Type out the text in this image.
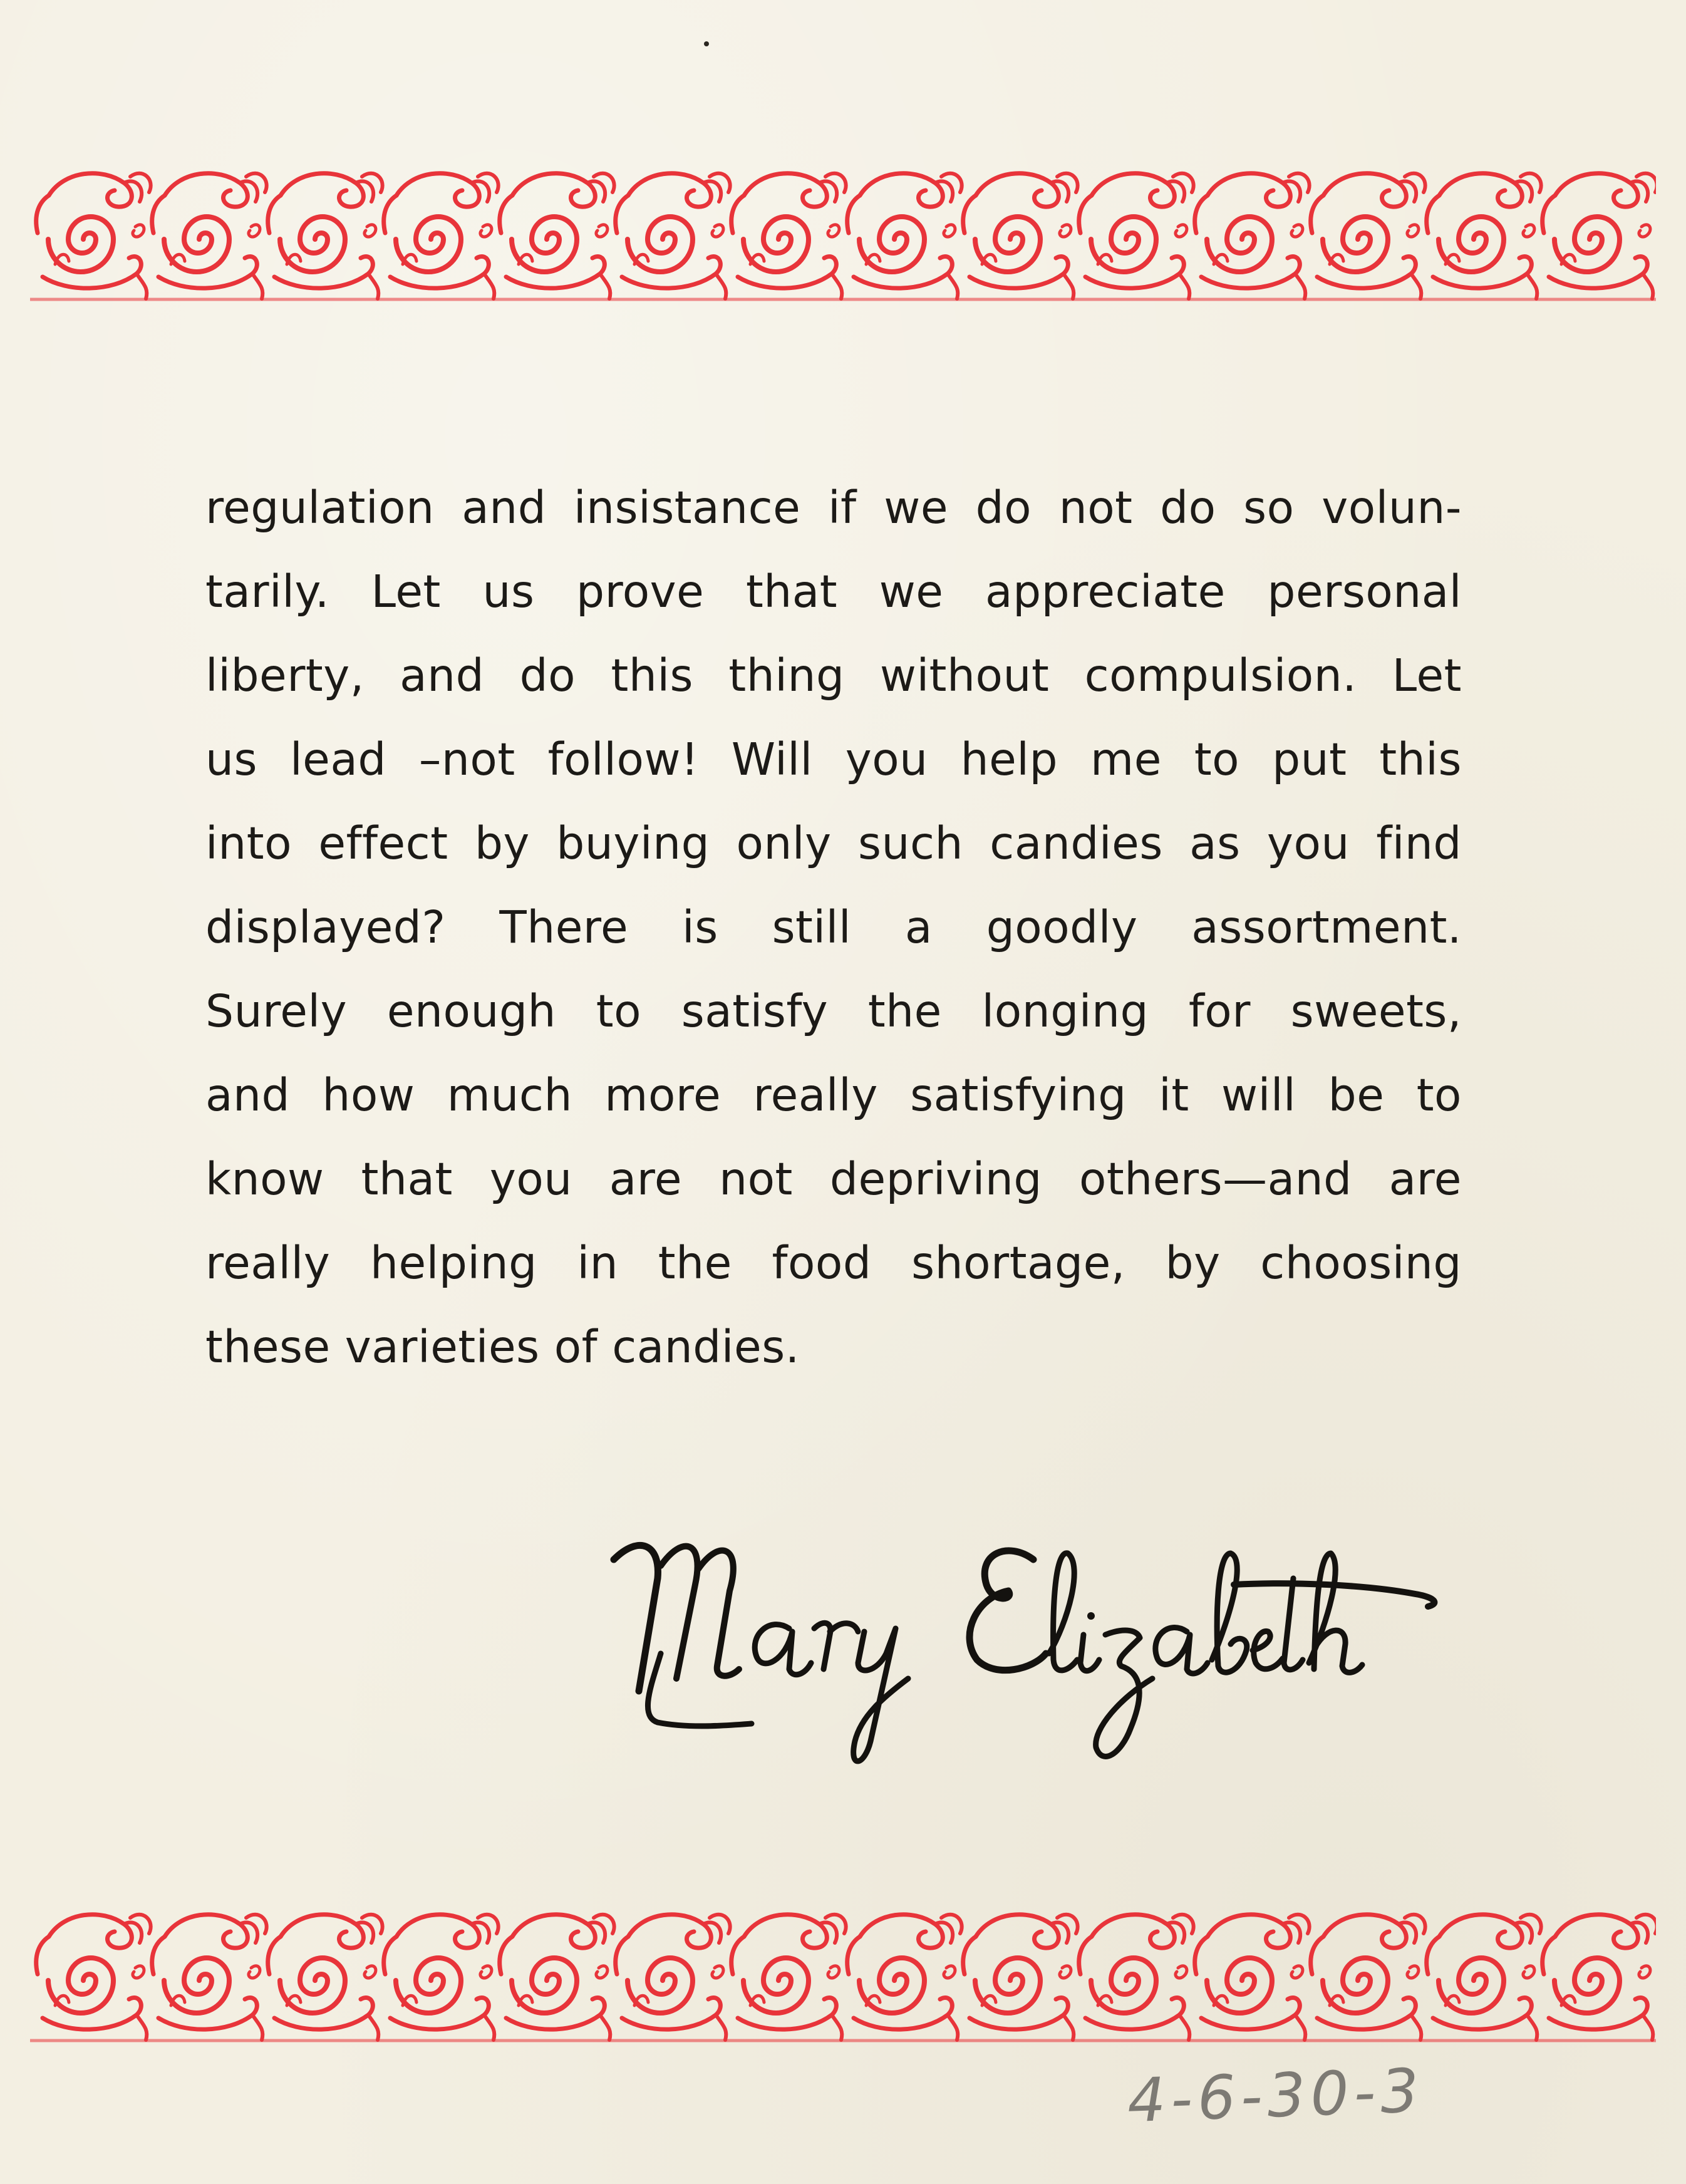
regulation and insistance if we do not do so volun-
tarily. Let us prove that we appreciate personal
liberty, and do this thing without compulsion. Let
us lead –not follow! Will you help me to put this
into effect by buying only such candies as you find
displayed? There is still a goodly assortment.
Surely enough to satisfy the longing for sweets,
and how much more really satisfying it will be to
know that you are not depriving others—and are
really helping in the food shortage, by choosing
these varieties of candies.
4-6-30-3
